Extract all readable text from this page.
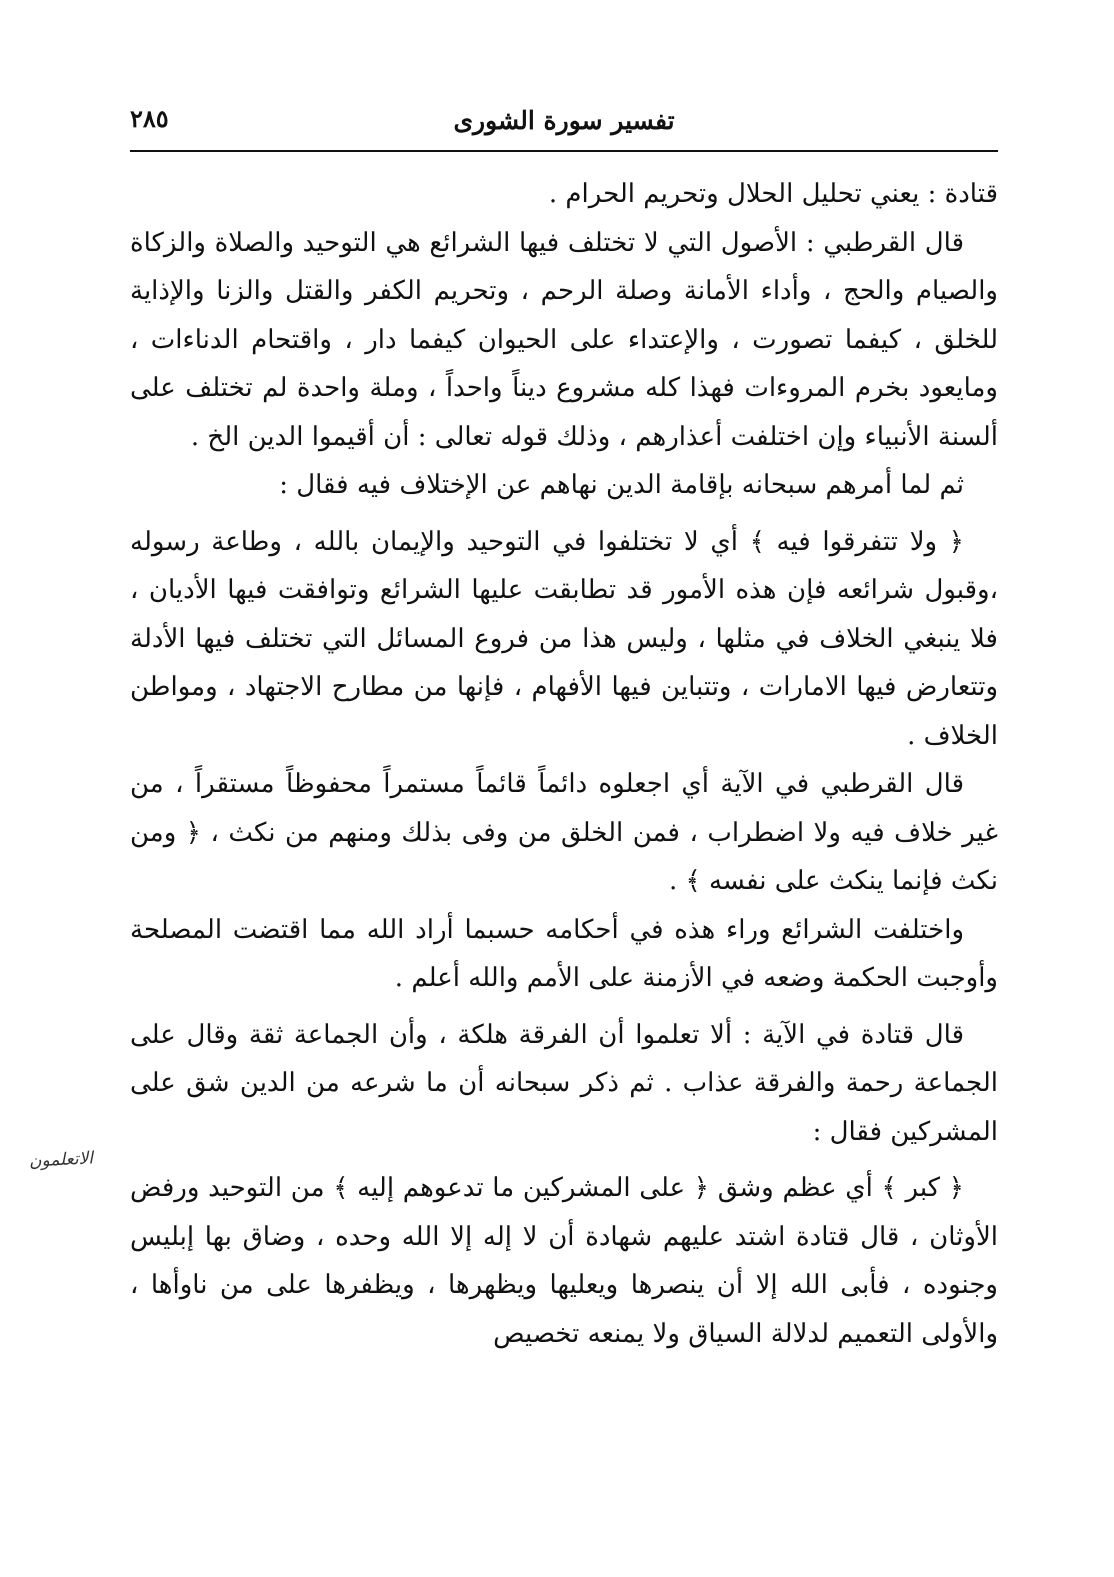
الاتعلمون
تفسير سورة الشورى
٢٨٥

قتادة : يعني تحليل الحلال وتحريم الحرام .

قال القرطبي : الأصول التي لا تختلف فيها الشرائع هي التوحيد والصلاة والزكاة والصيام والحج ، وأداء الأمانة وصلة الرحم ، وتحريم الكفر والقتل والزنا والإذاية للخلق ، كيفما تصورت ، والإعتداء على الحيوان كيفما دار ، واقتحام الدناءات ، ومايعود بخرم المروءات فهذا كله مشروع ديناً واحداً ، وملة واحدة لم تختلف على ألسنة الأنبياء وإن اختلفت أعذارهم ، وذلك قوله تعالى : أن أقيموا الدين الخ .

ثم لما أمرهم سبحانه بإقامة الدين نهاهم عن الإختلاف فيه فقال :

﴿ ولا تتفرقوا فيه ﴾ أي لا تختلفوا في التوحيد والإيمان بالله ، وطاعة رسوله ،وقبول شرائعه فإن هذه الأمور قد تطابقت عليها الشرائع وتوافقت فيها الأديان ، فلا ينبغي الخلاف في مثلها ، وليس هذا من فروع المسائل التي تختلف فيها الأدلة وتتعارض فيها الامارات ، وتتباين فيها الأفهام ، فإنها من مطارح الاجتهاد ، ومواطن الخلاف .

قال القرطبي في الآية أي اجعلوه دائماً قائماً مستمراً محفوظاً مستقراً ، من غير خلاف فيه ولا اضطراب ، فمن الخلق من وفى بذلك ومنهم من نكث ، ﴿ ومن نكث فإنما ينكث على نفسه ﴾ .

واختلفت الشرائع وراء هذه في أحكامه حسبما أراد الله مما اقتضت المصلحة وأوجبت الحكمة وضعه في الأزمنة على الأمم والله أعلم .

قال قتادة في الآية : ألا تعلموا أن الفرقة هلكة ، وأن الجماعة ثقة وقال على الجماعة رحمة والفرقة عذاب . ثم ذكر سبحانه أن ما شرعه من الدين شق على المشركين فقال :

﴿ كبر ﴾ أي عظم وشق ﴿ على المشركين ما تدعوهم إليه ﴾ من التوحيد ورفض الأوثان ، قال قتادة اشتد عليهم شهادة أن لا إله إلا الله وحده ، وضاق بها إبليس وجنوده ، فأبى الله إلا أن ينصرها ويعليها ويظهرها ، ويظفرها على من ناوأها ، والأولى التعميم لدلالة السياق ولا يمنعه تخصيص
